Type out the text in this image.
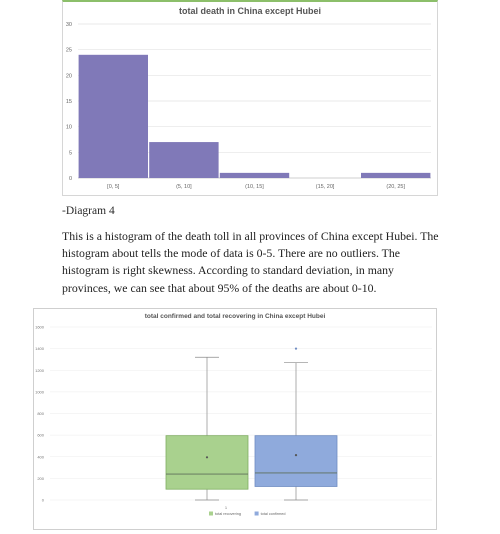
total death in China except Hubei
0
5
10
15
20
25
30
[0, 5]	(5, 10]	(10, 15]	(15, 20]	(20, 25]
-Diagram 4
This is a histogram of the death toll in all provinces of China except Hubei. The
histogram about tells the mode of data is 0-5. There are no outliers. The
histogram is right skewness. According to standard deviation, in many
provinces, we can see that about 95% of the deaths are about 0-10.
total confirmed and total recovering in China except Hubei
0
200
400
600
800
1000
1200
1400
1600
1
total recovering	total confirmed
